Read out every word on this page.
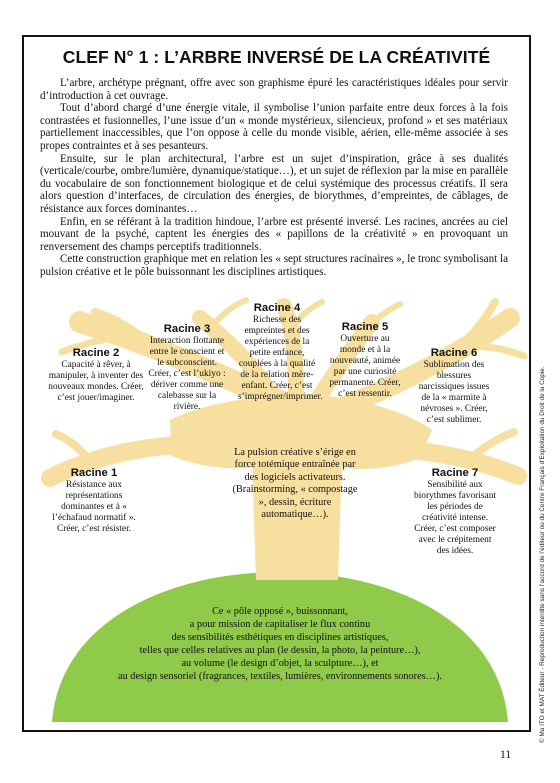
CLEF N° 1 : L’ARBRE INVERSÉ DE LA CRÉATIVITÉ

L’arbre, archétype prégnant, offre avec son graphisme épuré les caractéristiques idéales pour servir d’introduction à cet ouvrage.

Tout d’abord chargé d’une énergie vitale, il symbolise l’union parfaite entre deux forces à la fois contrastées et fusionnelles, l’une issue d’un « monde mystérieux, silencieux, profond » et ses matériaux partiellement inaccessibles, que l’on oppose à celle du monde visible, aérien, elle-même associée à ses propes contraintes et à ses pesanteurs.

Ensuite, sur le plan architectural, l’arbre est un sujet d’inspiration, grâce à ses dualités (verticale/courbe, ombre/lumière, dynamique/statique…), et un sujet de réflexion par la mise en parallèle du vocabulaire de son fonctionnement biologique et de celui systémique des processus créatifs. Il sera alors question d’interfaces, de circulation des énergies, de biorythmes, d’empreintes, de câblages, de résistance aux forces dominantes…

Enfin, en se référant à la tradition hindoue, l’arbre est présenté inversé. Les racines, ancrées au ciel mouvant de la psyché, captent les énergies des « papillons de la créativité » en provoquant un renversement des champs perceptifs traditionnels.

Cette construction graphique met en relation les « sept structures racinaires », le tronc symbolisant la pulsion créative et le pôle buissonnant les disciplines artistiques.

Racine 2
Capacité à rêver, à manipuler, à inventer des nouveaux mondes. Créer, c’est jouer/imaginer.
Racine 3
Interaction flottante entre le conscient et le subconscient. Créer, c’est l’ukiyo : dériver comme une calebasse sur la rivière.
Racine 4
Richesse des empreintes et des expériences de la petite enfance, couplées à la qualité de la relation mère-enfant. Créer, c’est s’imprégner/imprimer.
Racine 5
Ouverture au monde et à la nouveauté, animée par une curiosité permanente. Créer, c’est ressentir.
Racine 6
Sublimation des blessures narcissiques issues de la « marmite à névroses ». Créer, c’est sublimer.
Racine 1
Résistance aux représentations dominantes et à « l’échafaud normatif ». Créer, c’est résister.
Racine 7
Sensibilité aux biorythmes favorisant les périodes de créativité intense. Créer, c’est composer avec le crépitement des idées.
La pulsion créative s’érige en force totémique entraînée par des logiciels activateurs.
(Brainstorming, « compostage », dessin, écriture automatique…).
Ce « pôle opposé », buissonnant,
a pour mission de capitaliser le flux continu
des sensibilités esthétiques en disciplines artistiques,
telles que celles relatives au plan (le dessin, la photo, la peinture…),
au volume (le design d’objet, la sculpture…), et
au design sensoriel (fragrances, textiles, lumières, environnements sonores…).	© Ma ITO et MAT Éditeur - Reproduction interdite sans l’accord de l’éditeur ou du Centre Français d’Exploitation du Droit de la Copie.
11
